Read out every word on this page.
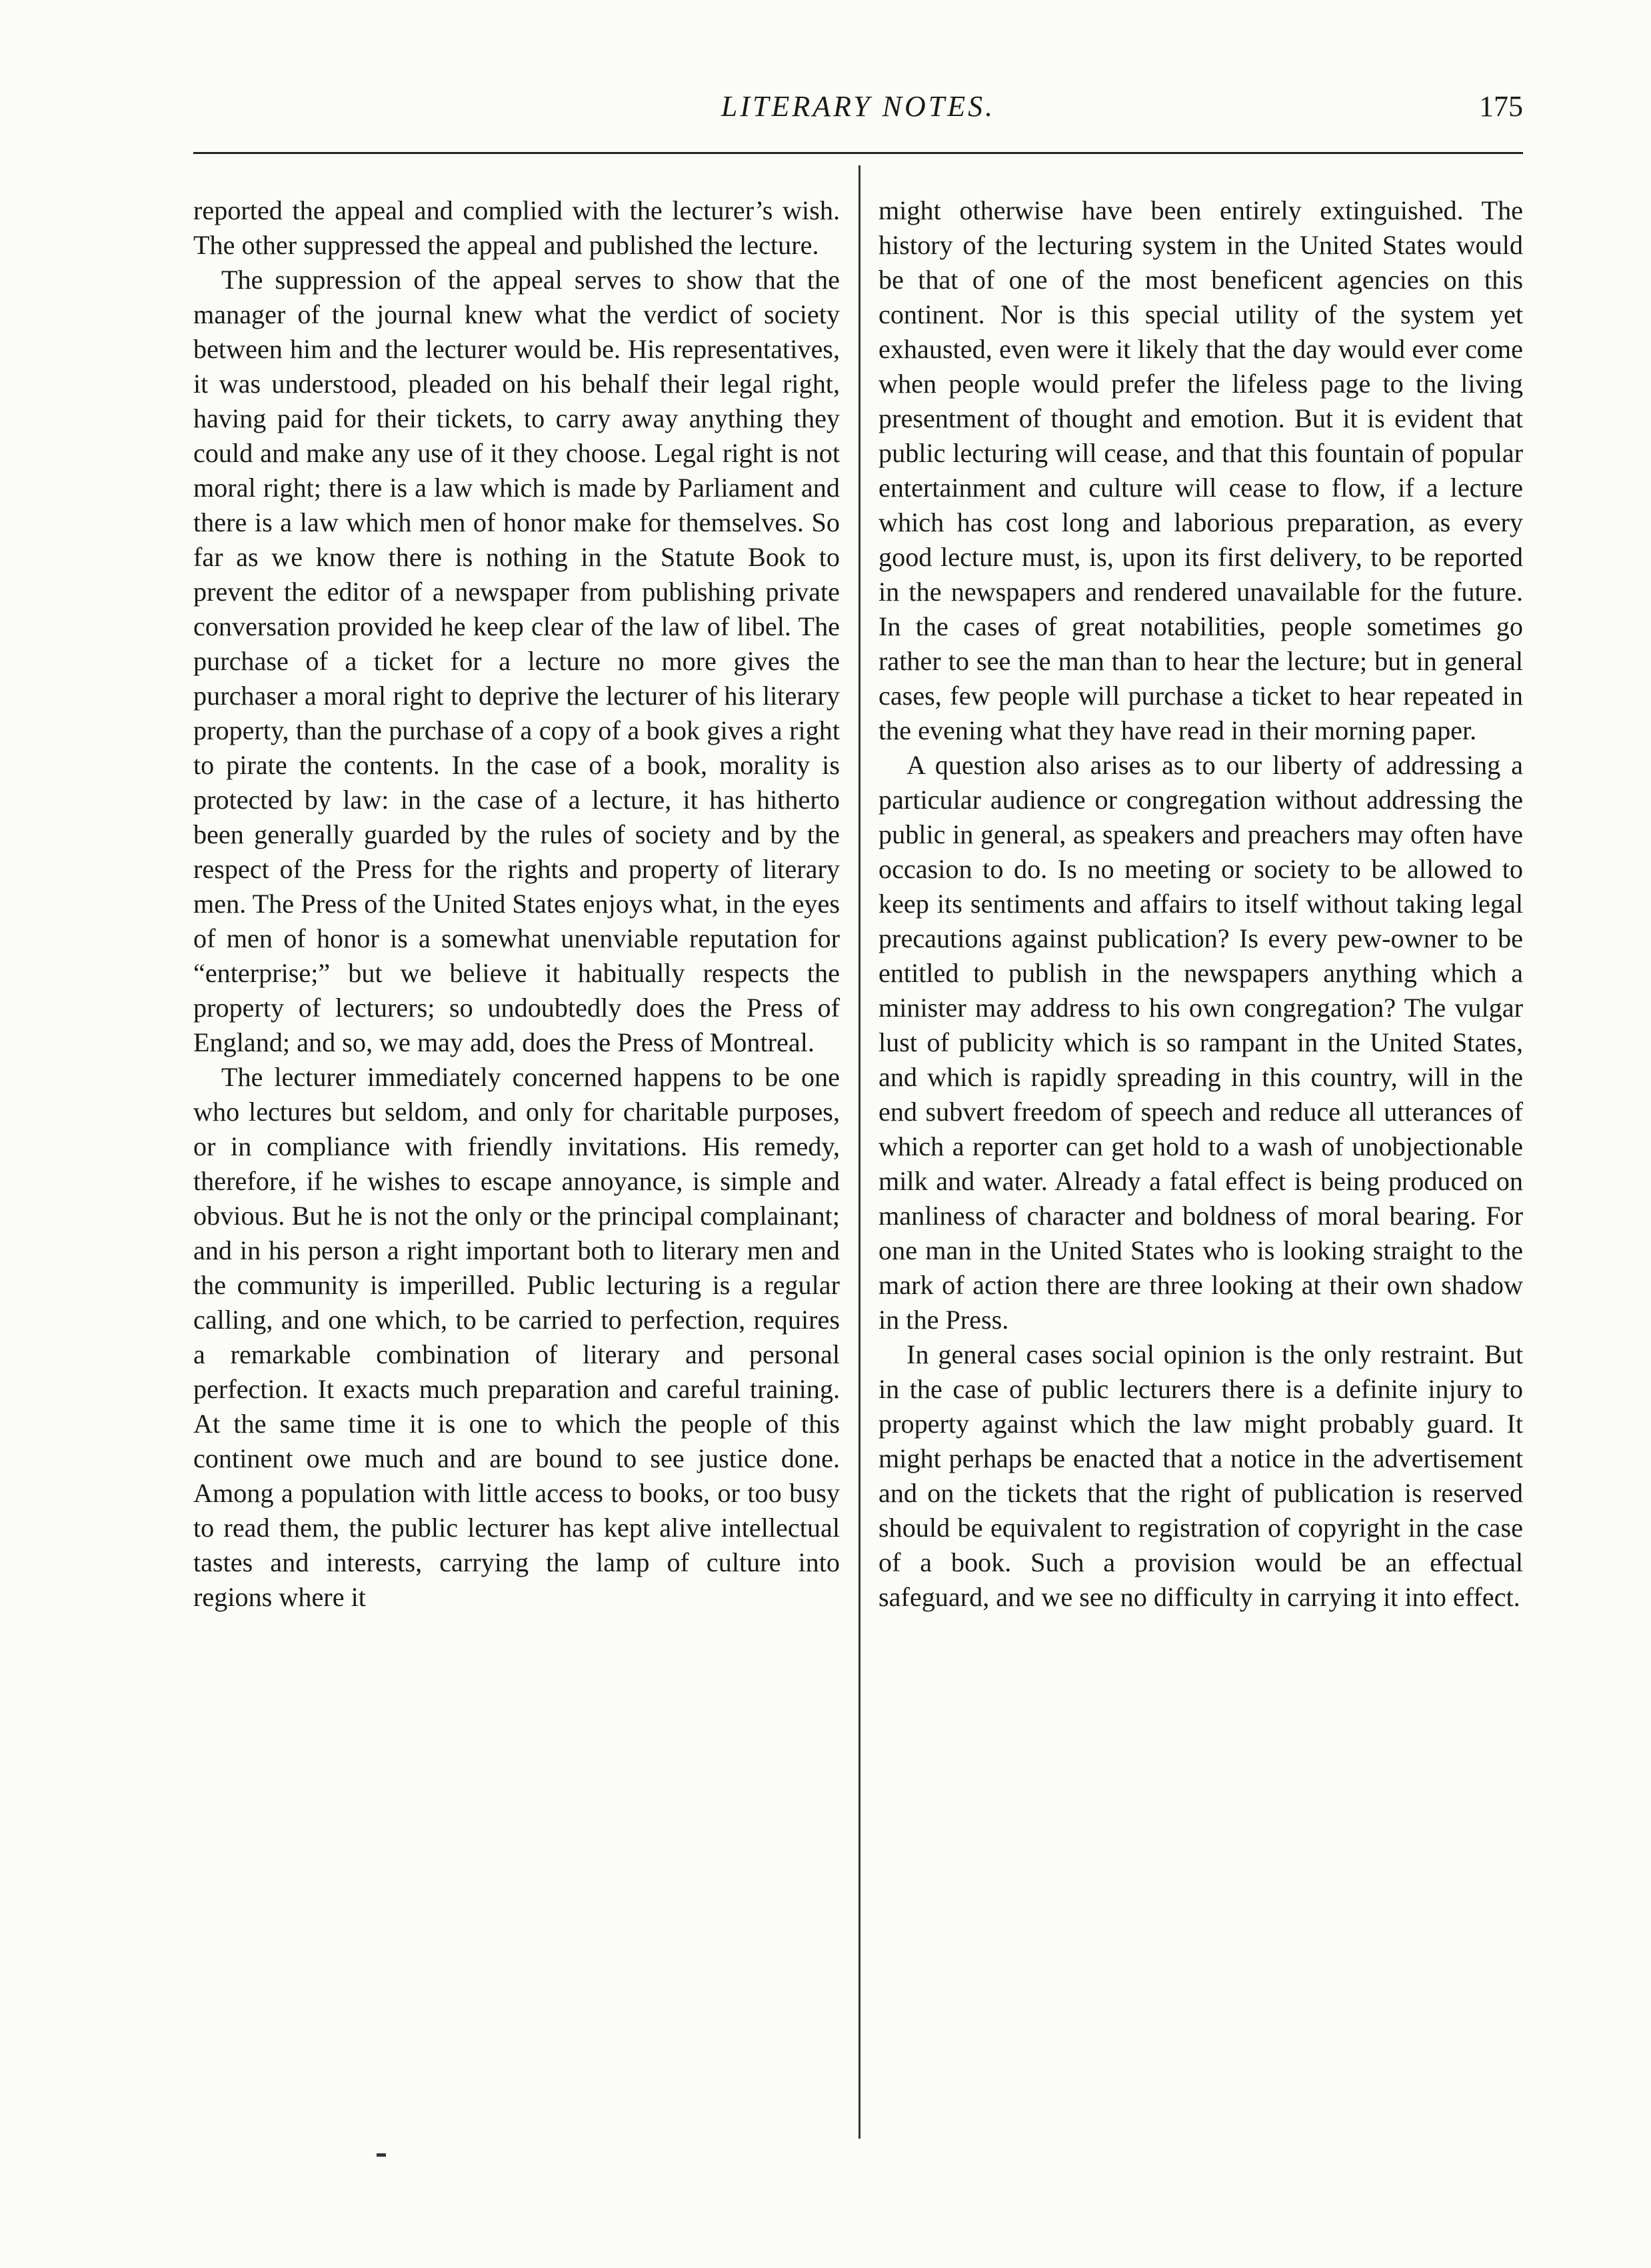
LITERARY NOTES.	175

reported the appeal and complied with the lecturer’s wish. The other suppressed the appeal and published the lecture.

The suppression of the appeal serves to show that the manager of the journal knew what the verdict of society between him and the lecturer would be. His representatives, it was understood, pleaded on his behalf their legal right, having paid for their tickets, to carry away anything they could and make any use of it they choose. Legal right is not moral right; there is a law which is made by Parliament and there is a law which men of honor make for themselves. So far as we know there is nothing in the Statute Book to prevent the editor of a newspaper from publishing private conversation provided he keep clear of the law of libel. The purchase of a ticket for a lecture no more gives the purchaser a moral right to deprive the lecturer of his literary property, than the purchase of a copy of a book gives a right to pirate the contents. In the case of a book, morality is protected by law: in the case of a lecture, it has hitherto been generally guarded by the rules of society and by the respect of the Press for the rights and property of literary men. The Press of the United States enjoys what, in the eyes of men of honor is a somewhat unenviable reputation for “enterprise;” but we believe it habitually respects the property of lecturers; so undoubtedly does the Press of England; and so, we may add, does the Press of Montreal.

The lecturer immediately concerned happens to be one who lectures but seldom, and only for charitable purposes, or in compliance with friendly invitations. His remedy, therefore, if he wishes to escape annoyance, is simple and obvious. But he is not the only or the principal complainant; and in his person a right important both to literary men and the community is imperilled. Public lecturing is a regular calling, and one which, to be carried to perfection, requires a remarkable combination of literary and personal perfection. It exacts much preparation and careful training. At the same time it is one to which the people of this continent owe much and are bound to see justice done. Among a population with little access to books, or too busy to read them, the public lecturer has kept alive intellectual tastes and interests, carrying the lamp of culture into regions where it

might otherwise have been entirely extinguished. The history of the lecturing system in the United States would be that of one of the most beneficent agencies on this continent. Nor is this special utility of the system yet exhausted, even were it likely that the day would ever come when people would prefer the lifeless page to the living presentment of thought and emotion. But it is evident that public lecturing will cease, and that this fountain of popular entertainment and culture will cease to flow, if a lecture which has cost long and laborious preparation, as every good lecture must, is, upon its first delivery, to be reported in the newspapers and rendered unavailable for the future. In the cases of great notabilities, people sometimes go rather to see the man than to hear the lecture; but in general cases, few people will purchase a ticket to hear repeated in the evening what they have read in their morning paper.

A question also arises as to our liberty of addressing a particular audience or congregation without addressing the public in general, as speakers and preachers may often have occasion to do. Is no meeting or society to be allowed to keep its sentiments and affairs to itself without taking legal precautions against publication? Is every pew-owner to be entitled to publish in the newspapers anything which a minister may address to his own congregation? The vulgar lust of publicity which is so rampant in the United States, and which is rapidly spreading in this country, will in the end subvert freedom of speech and reduce all utterances of which a reporter can get hold to a wash of unobjectionable milk and water. Already a fatal effect is being produced on manliness of character and boldness of moral bearing. For one man in the United States who is looking straight to the mark of action there are three looking at their own shadow in the Press.

In general cases social opinion is the only restraint. But in the case of public lecturers there is a definite injury to property against which the law might probably guard. It might perhaps be enacted that a notice in the advertisement and on the tickets that the right of publication is reserved should be equivalent to registration of copyright in the case of a book. Such a provision would be an effectual safeguard, and we see no difficulty in carrying it into effect.
